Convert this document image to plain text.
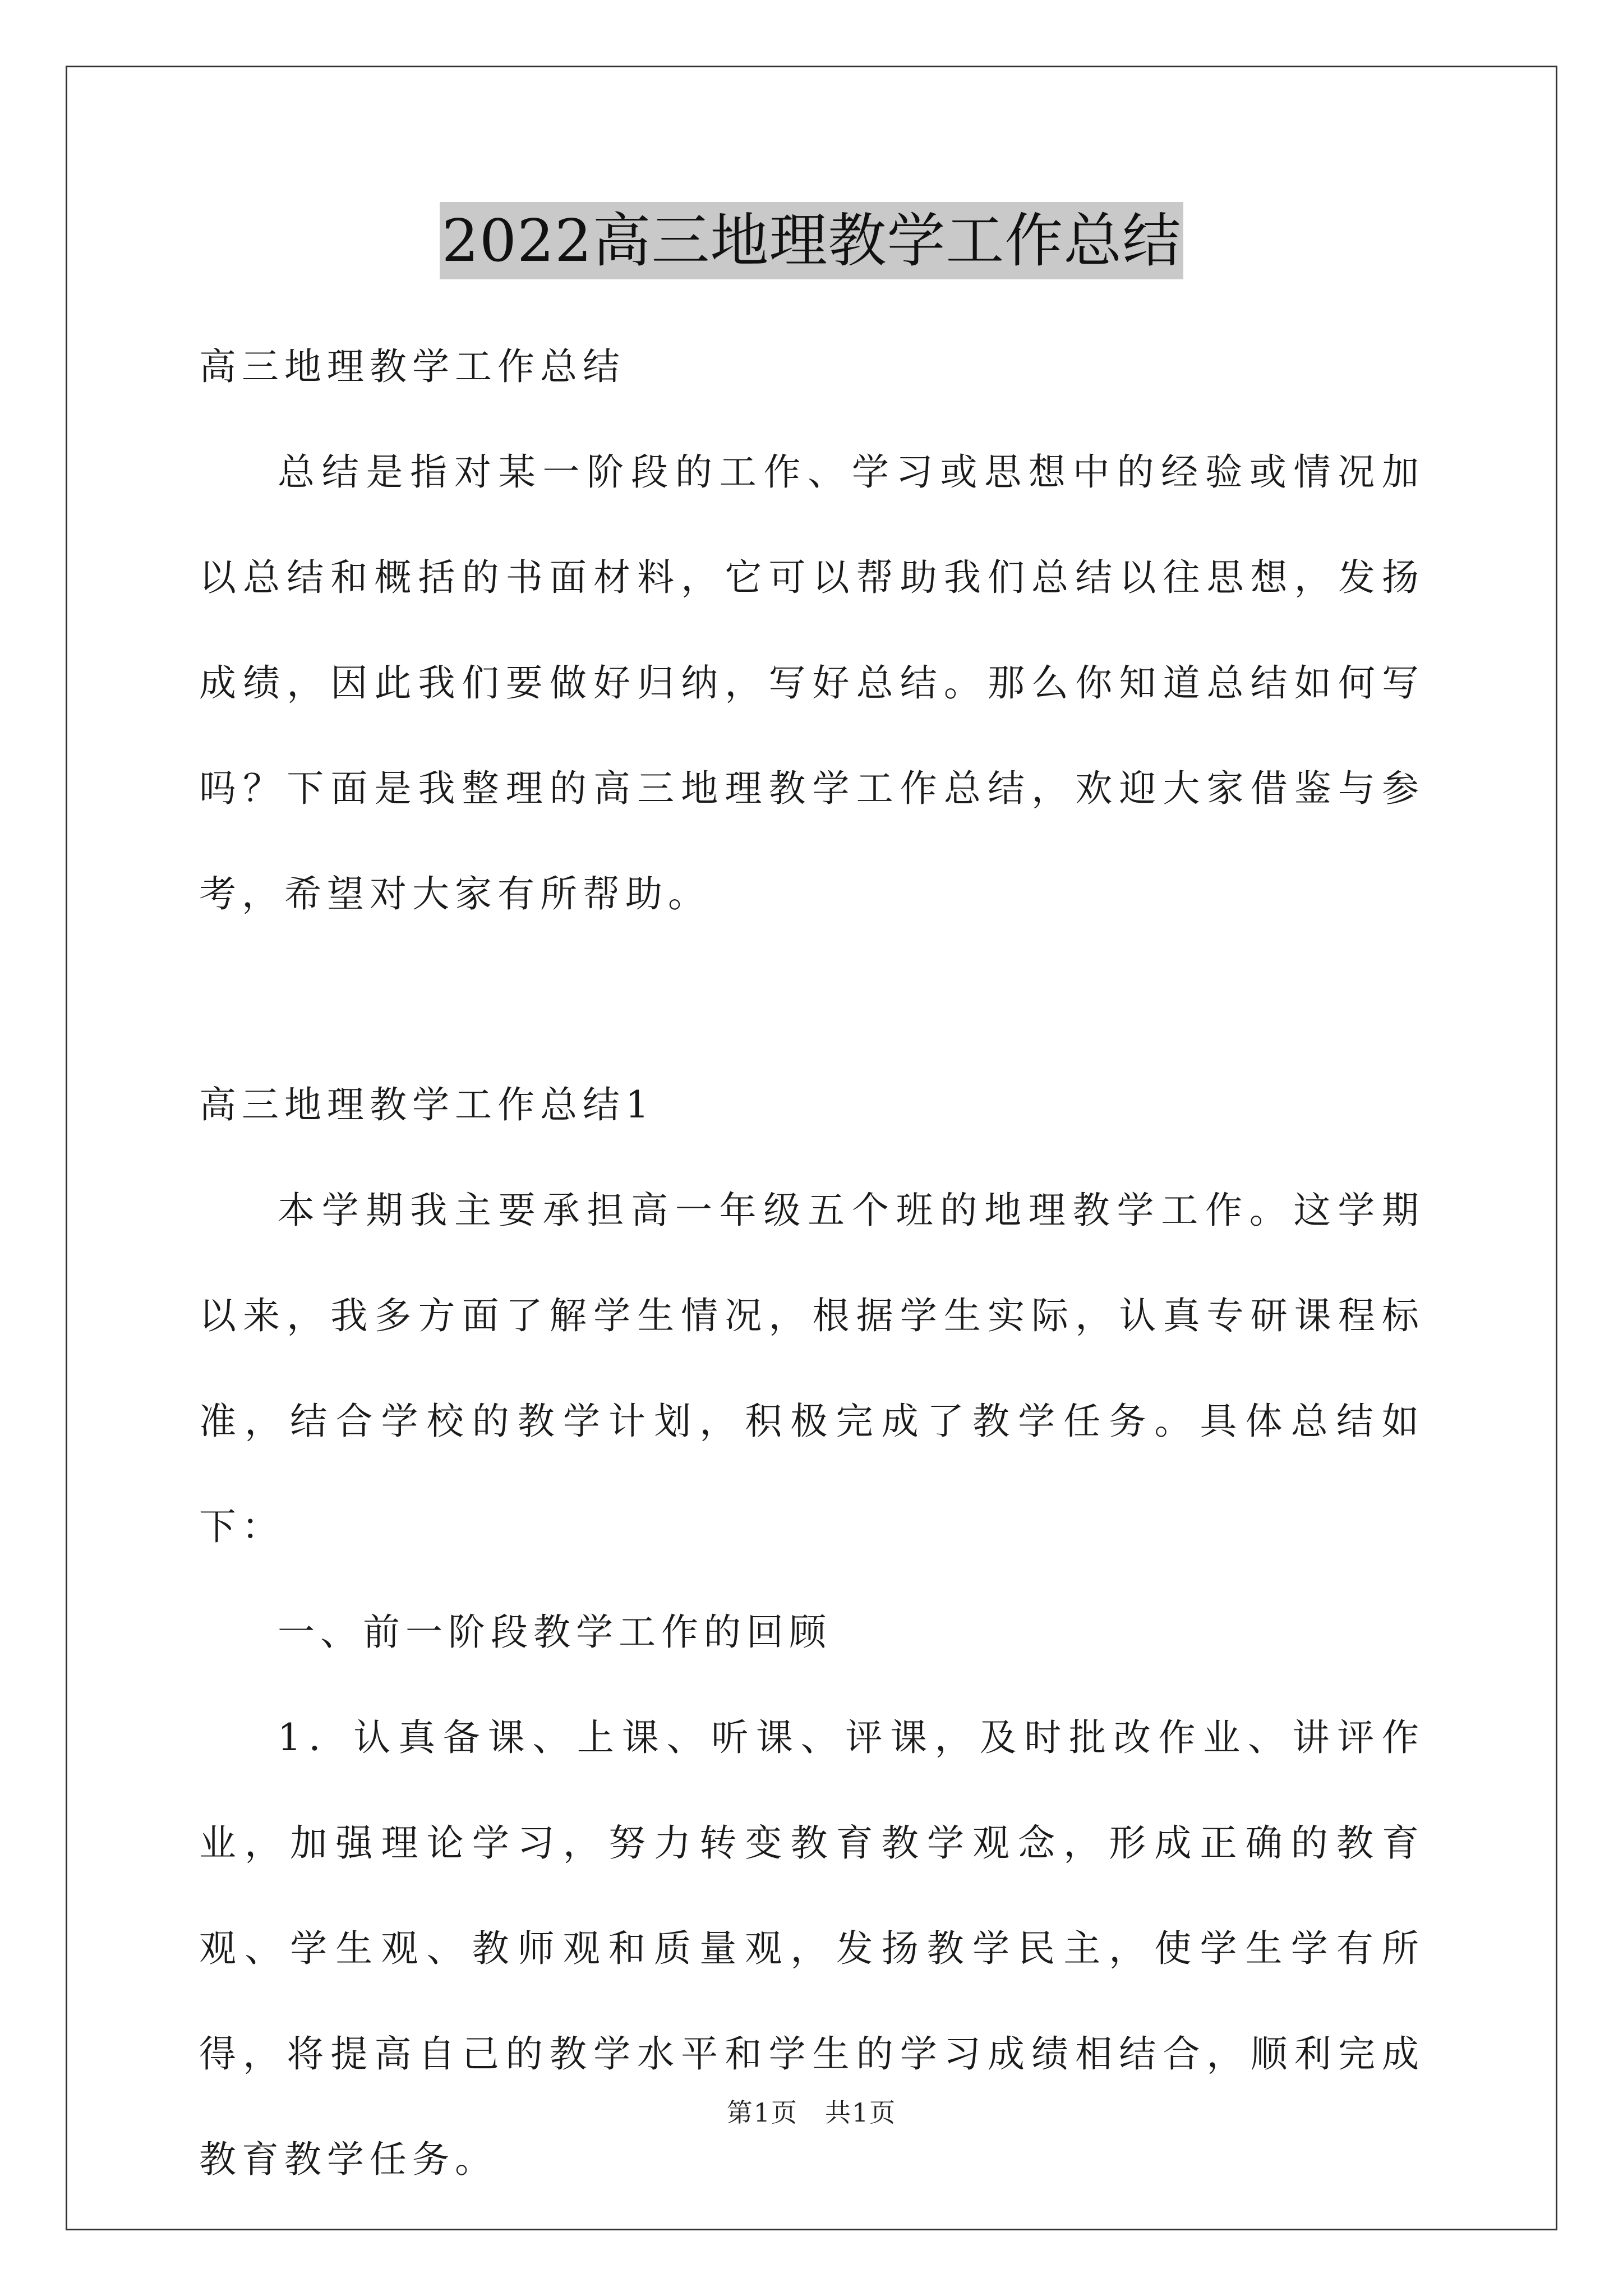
2022高三地理教学工作总结

高三地理教学工作总结

总结是指对某一阶段的工作、学习或思想中的经验或情况加以总结和概括的书面材料，它可以帮助我们总结以往思想，发扬成绩，因此我们要做好归纳，写好总结。那么你知道总结如何写吗？下面是我整理的高三地理教学工作总结，欢迎大家借鉴与参考，希望对大家有所帮助。

高三地理教学工作总结1

本学期我主要承担高一年级五个班的地理教学工作。这学期以来，我多方面了解学生情况，根据学生实际，认真专研课程标准，结合学校的教学计划，积极完成了教学任务。具体总结如下：

一、前一阶段教学工作的回顾

1．认真备课、上课、听课、评课，及时批改作业、讲评作业，加强理论学习，努力转变教育教学观念，形成正确的教育观、学生观、教师观和质量观，发扬教学民主，使学生学有所得，将提高自己的教学水平和学生的学习成绩相结合，顺利完成教育教学任务。

第1页　共1页
